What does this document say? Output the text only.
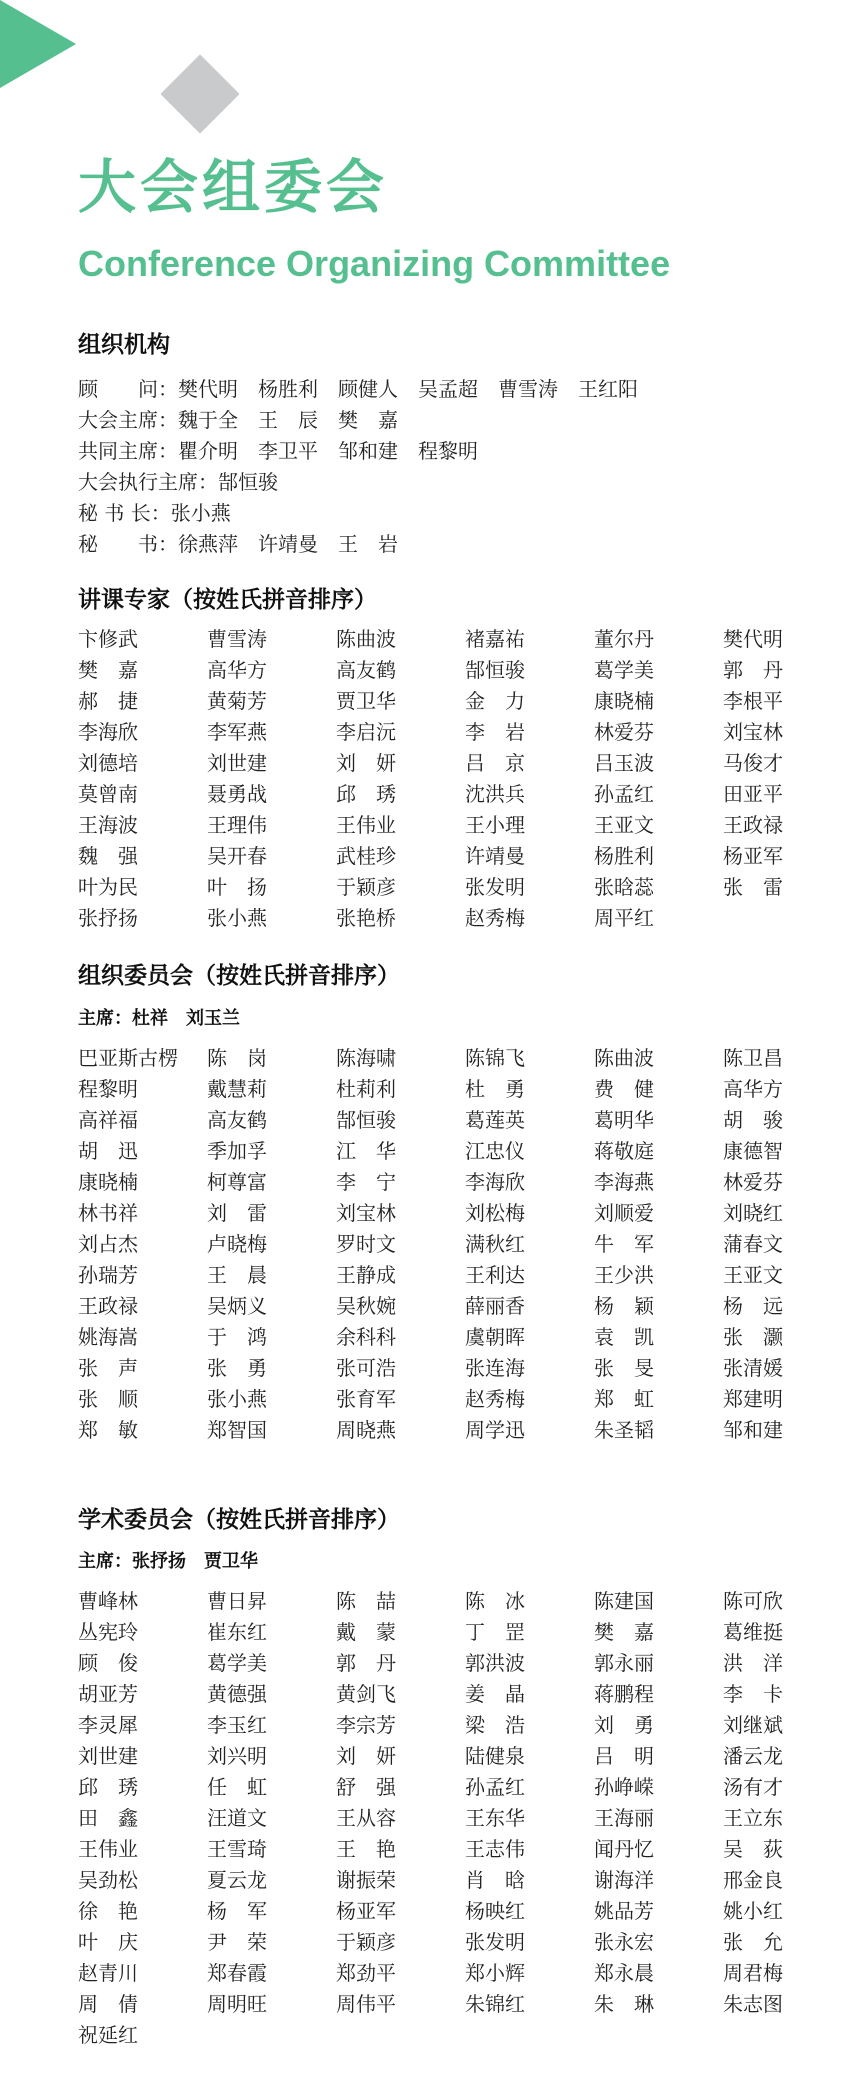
大会组委会
Conference Organizing Committee
组织机构
顾　　问：樊代明　杨胜利　顾健人　吴孟超　曹雪涛　王红阳
大会主席：魏于全　王　辰　樊　嘉
共同主席：瞿介明　李卫平　邹和建　程黎明
大会执行主席：郜恒骏
秘 书 长：张小燕
秘　　书：徐燕萍　许靖曼　王　岩
讲课专家（按姓氏拼音排序）
卞修武	曹雪涛	陈曲波	褚嘉祐	董尔丹	樊代明
樊　嘉	高华方	高友鹤	郜恒骏	葛学美	郭　丹
郝　捷	黄菊芳	贾卫华	金　力	康晓楠	李根平
李海欣	李军燕	李启沅	李　岩	林爱芬	刘宝林
刘德培	刘世建	刘　妍	吕　京	吕玉波	马俊才
莫曾南	聂勇战	邱　琇	沈洪兵	孙孟红	田亚平
王海波	王理伟	王伟业	王小理	王亚文	王政禄
魏　强	吴开春	武桂珍	许靖曼	杨胜利	杨亚军
叶为民	叶　扬	于颖彦	张发明	张晗蕊	张　雷
张抒扬	张小燕	张艳桥	赵秀梅	周平红
组织委员会（按姓氏拼音排序）
主席：杜祥　刘玉兰
巴亚斯古楞	陈　岗	陈海啸	陈锦飞	陈曲波	陈卫昌
程黎明	戴慧莉	杜莉利	杜　勇	费　健	高华方
高祥福	高友鹤	郜恒骏	葛莲英	葛明华	胡　骏
胡　迅	季加孚	江　华	江忠仪	蒋敬庭	康德智
康晓楠	柯尊富	李　宁	李海欣	李海燕	林爱芬
林书祥	刘　雷	刘宝林	刘松梅	刘顺爱	刘晓红
刘占杰	卢晓梅	罗时文	满秋红	牛　军	蒲春文
孙瑞芳	王　晨	王静成	王利达	王少洪	王亚文
王政禄	吴炳义	吴秋婉	薛丽香	杨　颖	杨　远
姚海嵩	于　鸿	余科科	虞朝晖	袁　凯	张　灏
张　声	张　勇	张可浩	张连海	张　旻	张清媛
张　顺	张小燕	张育军	赵秀梅	郑　虹	郑建明
郑　敏	郑智国	周晓燕	周学迅	朱圣韬	邹和建
学术委员会（按姓氏拼音排序）
主席：张抒扬　贾卫华
曹峰林	曹日昇	陈　喆	陈　冰	陈建国	陈可欣
丛宪玲	崔东红	戴　蒙	丁　罡	樊　嘉	葛维挺
顾　俊	葛学美	郭　丹	郭洪波	郭永丽	洪　洋
胡亚芳	黄德强	黄剑飞	姜　晶	蒋鹏程	李　卡
李灵犀	李玉红	李宗芳	梁　浩	刘　勇	刘继斌
刘世建	刘兴明	刘　妍	陆健泉	吕　明	潘云龙
邱　琇	任　虹	舒　强	孙孟红	孙峥嵘	汤有才
田　鑫	汪道文	王从容	王东华	王海丽	王立东
王伟业	王雪琦	王　艳	王志伟	闻丹忆	吴　荻
吴劲松	夏云龙	谢振荣	肖　晗	谢海洋	邢金良
徐　艳	杨　军	杨亚军	杨映红	姚品芳	姚小红
叶　庆	尹　荣	于颖彦	张发明	张永宏	张　允
赵青川	郑春霞	郑劲平	郑小辉	郑永晨	周君梅
周　倩	周明旺	周伟平	朱锦红	朱　琳	朱志图
祝延红
